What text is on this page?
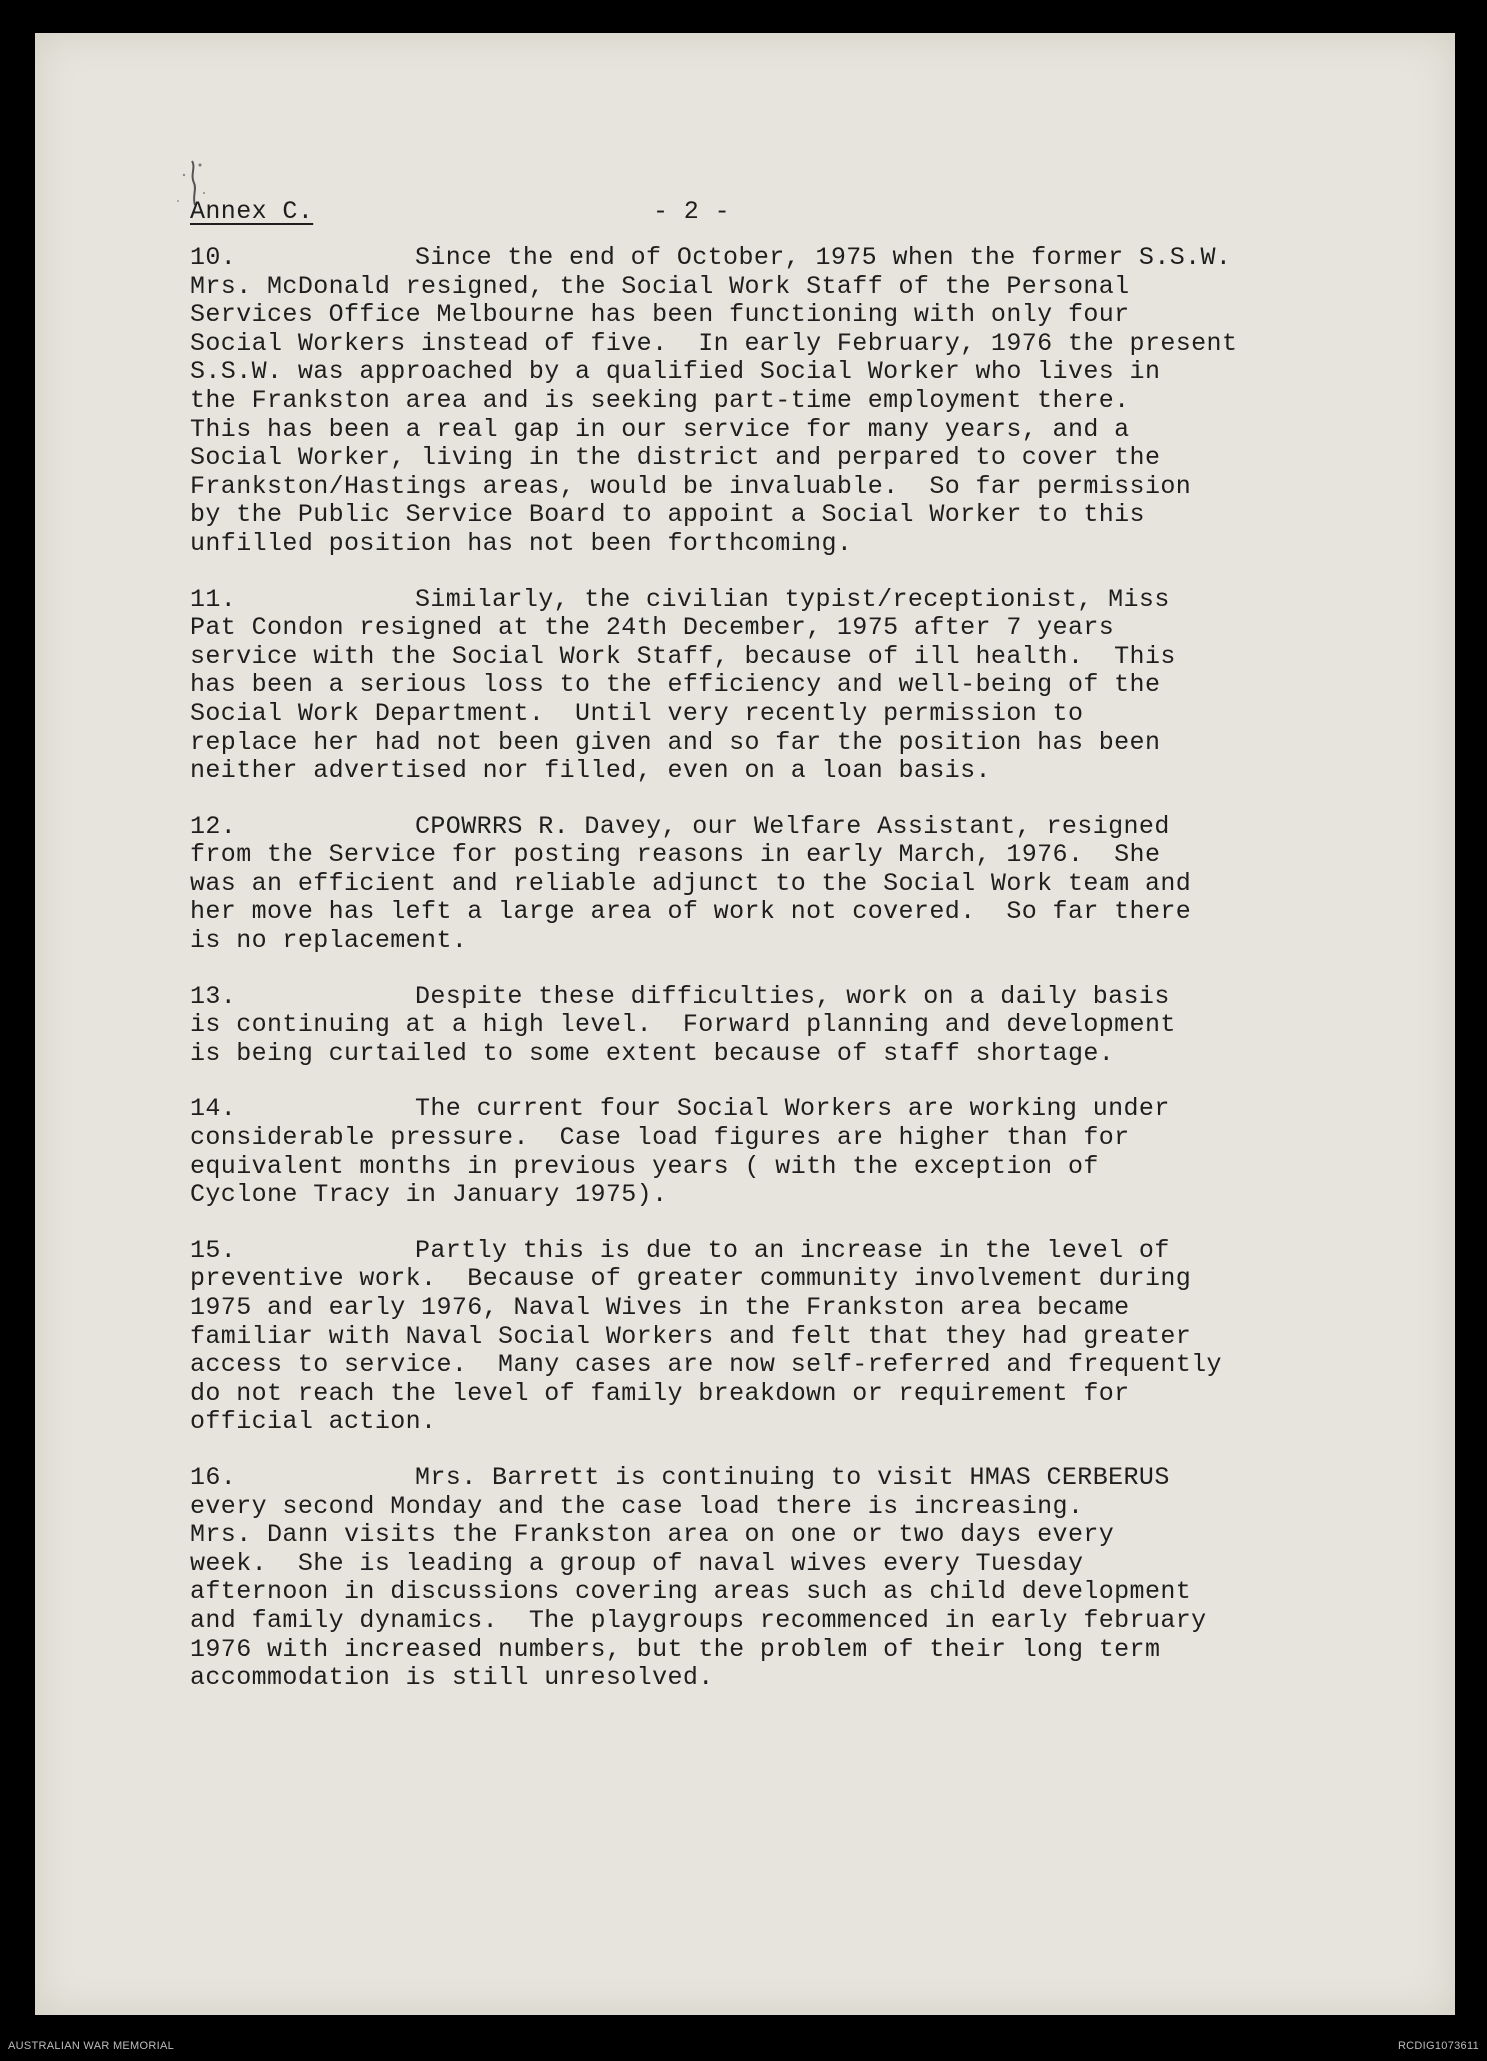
Annex C.	- 2 -
10.	Since the end of October, 1975 when the former S.S.W.
Mrs. McDonald resigned, the Social Work Staff of the Personal
Services Office Melbourne has been functioning with only four
Social Workers instead of five.  In early February, 1976 the present
S.S.W. was approached by a qualified Social Worker who lives in
the Frankston area and is seeking part-time employment there.
This has been a real gap in our service for many years, and a
Social Worker, living in the district and perpared to cover the
Frankston/Hastings areas, would be invaluable.  So far permission
by the Public Service Board to appoint a Social Worker to this
unfilled position has not been forthcoming.
11.	Similarly, the civilian typist/receptionist, Miss
Pat Condon resigned at the 24th December, 1975 after 7 years
service with the Social Work Staff, because of ill health.  This
has been a serious loss to the efficiency and well-being of the
Social Work Department.  Until very recently permission to
replace her had not been given and so far the position has been
neither advertised nor filled, even on a loan basis.
12.	CPOWRRS R. Davey, our Welfare Assistant, resigned
from the Service for posting reasons in early March, 1976.  She
was an efficient and reliable adjunct to the Social Work team and
her move has left a large area of work not covered.  So far there
is no replacement.
13.	Despite these difficulties, work on a daily basis
is continuing at a high level.  Forward planning and development
is being curtailed to some extent because of staff shortage.
14.	The current four Social Workers are working under
considerable pressure.  Case load figures are higher than for
equivalent months in previous years ( with the exception of
Cyclone Tracy in January 1975).
15.	Partly this is due to an increase in the level of
preventive work.  Because of greater community involvement during
1975 and early 1976, Naval Wives in the Frankston area became
familiar with Naval Social Workers and felt that they had greater
access to service.  Many cases are now self-referred and frequently
do not reach the level of family breakdown or requirement for
official action.
16.	Mrs. Barrett is continuing to visit HMAS CERBERUS
every second Monday and the case load there is increasing.
Mrs. Dann visits the Frankston area on one or two days every
week.  She is leading a group of naval wives every Tuesday
afternoon in discussions covering areas such as child development
and family dynamics.  The playgroups recommenced in early february
1976 with increased numbers, but the problem of their long term
accommodation is still unresolved.
AUSTRALIAN WAR MEMORIAL	RCDIG1073611
